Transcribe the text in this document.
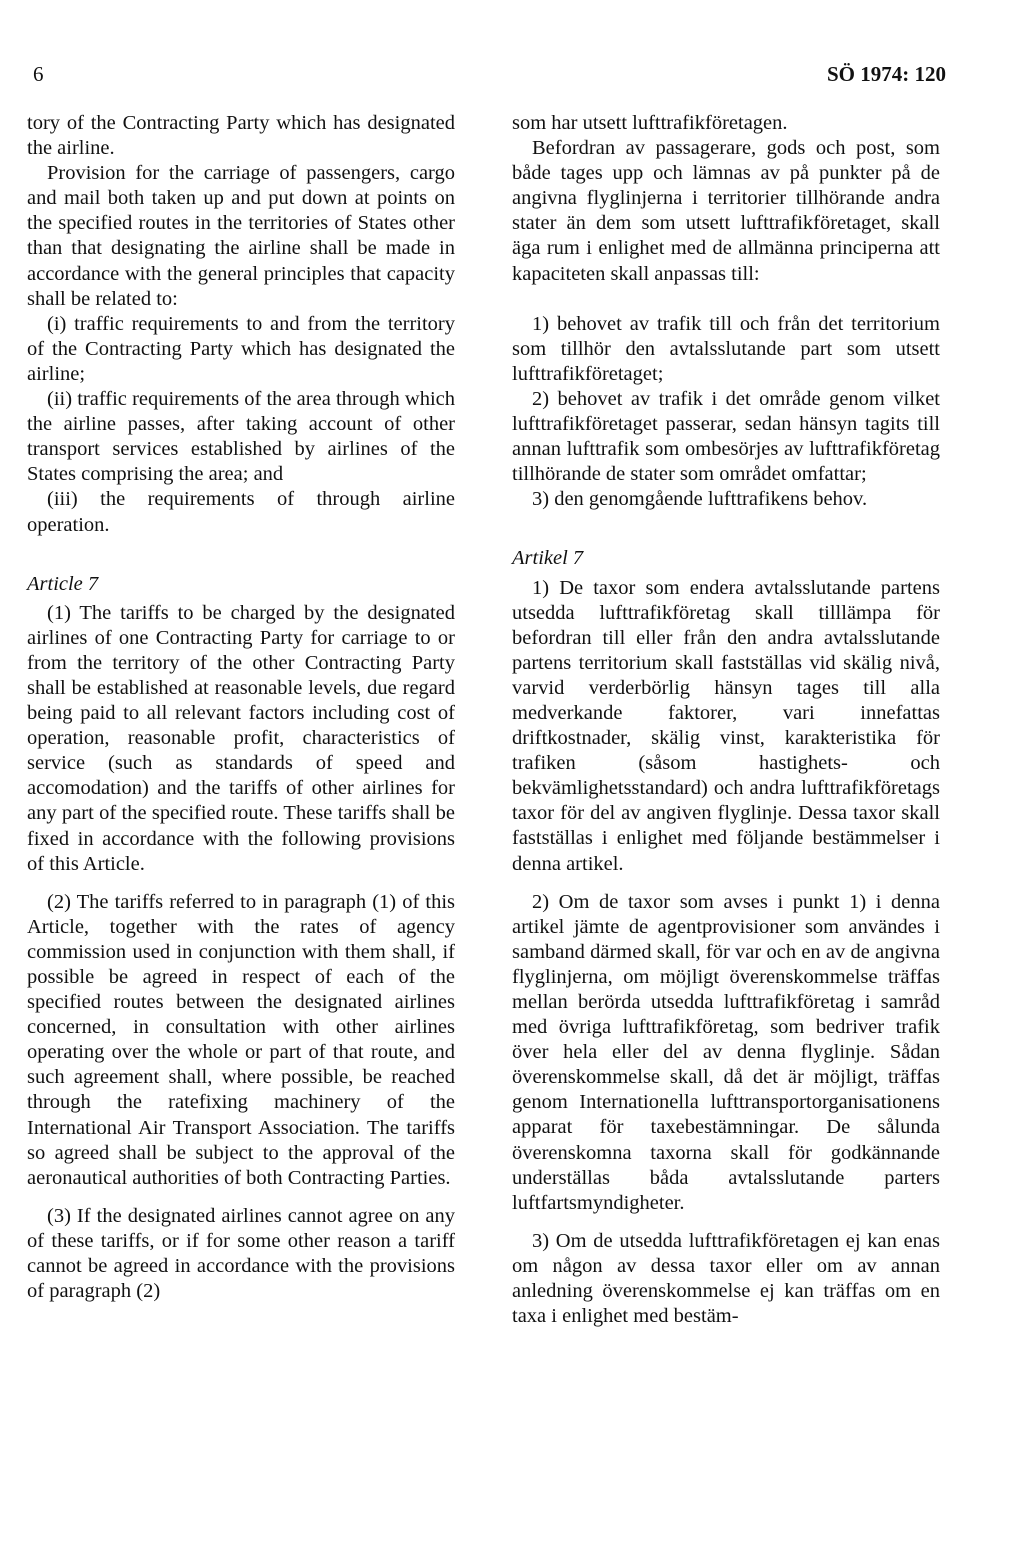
6	SÖ 1974: 120

tory of the Contracting Party which has designated the airline.

Provision for the carriage of passengers, cargo and mail both taken up and put down at points on the specified routes in the territories of States other than that designating the airline shall be made in accordance with the general principles that capacity shall be related to:

(i) traffic requirements to and from the territory of the Contracting Party which has designated the airline;

(ii) traffic requirements of the area through which the airline passes, after taking account of other transport services established by airlines of the States comprising the area; and

(iii) the requirements of through airline operation.

Article 7

(1) The tariffs to be charged by the designated airlines of one Contracting Party for carriage to or from the territory of the other Contracting Party shall be established at reasonable levels, due regard being paid to all relevant factors including cost of operation, reasonable profit, characteristics of service (such as standards of speed and accomodation) and the tariffs of other airlines for any part of the specified route. These tariffs shall be fixed in accordance with the following provisions of this Article.

(2) The tariffs referred to in paragraph (1) of this Article, together with the rates of agency commission used in conjunction with them shall, if possible be agreed in respect of each of the specified routes between the designated airlines concerned, in consultation with other airlines operating over the whole or part of that route, and such agreement shall, where possible, be reached through the ratefixing machinery of the International Air Transport Association. The tariffs so agreed shall be subject to the approval of the aeronautical authorities of both Contracting Parties.

(3) If the designated airlines cannot agree on any of these tariffs, or if for some other reason a tariff cannot be agreed in accordance with the provisions of paragraph (2)

som har utsett lufttrafikföretagen.

Befordran av passagerare, gods och post, som både tages upp och lämnas av på punkter på de angivna flyglinjerna i territorier tillhörande andra stater än dem som utsett lufttrafikföretaget, skall äga rum i enlighet med de allmänna principerna att kapaciteten skall anpassas till:

1) behovet av trafik till och från det territorium som tillhör den avtalsslutande part som utsett lufttrafikföretaget;

2) behovet av trafik i det område genom vilket lufttrafikföretaget passerar, sedan hänsyn tagits till annan lufttrafik som ombesörjes av lufttrafikföretag tillhörande de stater som området omfattar;

3) den genomgående lufttrafikens behov.

Artikel 7

1) De taxor som endera avtalsslutande partens utsedda lufttrafikföretag skall tilllämpa för befordran till eller från den andra avtalsslutande partens territorium skall fastställas vid skälig nivå, varvid verderbörlig hänsyn tages till alla medverkande faktorer, vari innefattas driftkostnader, skälig vinst, karakteristika för trafiken (såsom hastighets- och bekvämlighetsstandard) och andra lufttrafikföretags taxor för del av angiven flyglinje. Dessa taxor skall fastställas i enlighet med följande bestämmelser i denna artikel.

2) Om de taxor som avses i punkt 1) i denna artikel jämte de agentprovisioner som användes i samband därmed skall, för var och en av de angivna flyglinjerna, om möjligt överenskommelse träffas mellan berörda utsedda lufttrafikföretag i samråd med övriga lufttrafikföretag, som bedriver trafik över hela eller del av denna flyglinje. Sådan överenskommelse skall, då det är möjligt, träffas genom Internationella lufttransportorganisationens apparat för taxebestämningar. De sålunda överenskomna taxorna skall för godkännande underställas båda avtalsslutande parters luftfartsmyndigheter.

3) Om de utsedda lufttrafikföretagen ej kan enas om någon av dessa taxor eller om av annan anledning överenskommelse ej kan träffas om en taxa i enlighet med bestäm-
